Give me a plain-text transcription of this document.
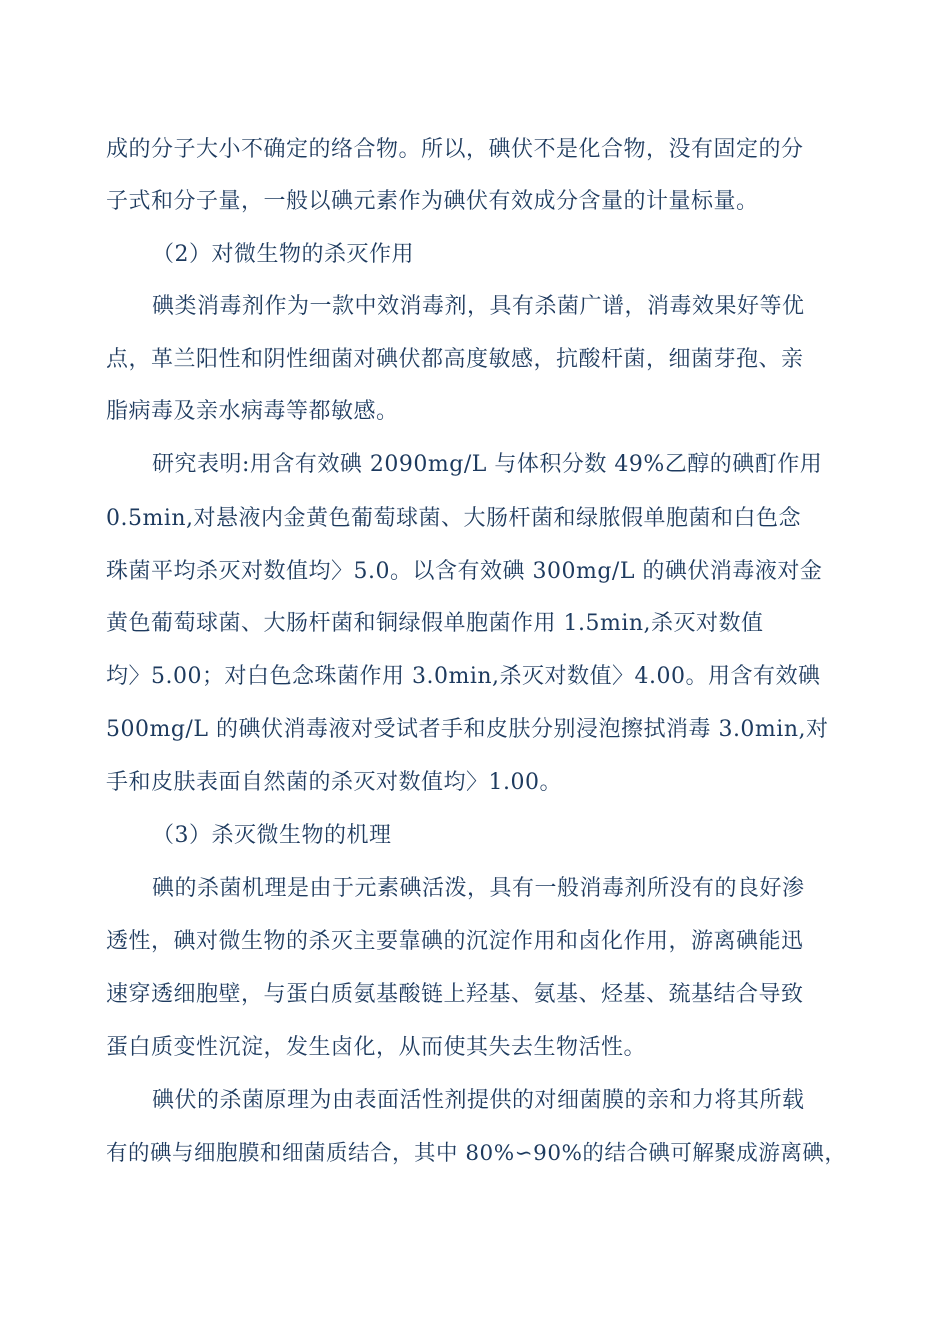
成的分子大小不确定的络合物。所以，碘伏不是化合物，没有固定的分
子式和分子量，一般以碘元素作为碘伏有效成分含量的计量标量。
（2）对微生物的杀灭作用
碘类消毒剂作为一款中效消毒剂，具有杀菌广谱，消毒效果好等优
点，革兰阳性和阴性细菌对碘伏都高度敏感，抗酸杆菌，细菌芽孢、亲
脂病毒及亲水病毒等都敏感。
研究表明:用含有效碘 2090mg/L 与体积分数 49%乙醇的碘酊作用
0.5min,对悬液内金黄色葡萄球菌、大肠杆菌和绿脓假单胞菌和白色念
珠菌平均杀灭对数值均〉5.0。以含有效碘 300mg/L 的碘伏消毒液对金
黄色葡萄球菌、大肠杆菌和铜绿假单胞菌作用 1.5min,杀灭对数值
均〉5.00；对白色念珠菌作用 3.0min,杀灭对数值〉4.00。用含有效碘
500mg/L 的碘伏消毒液对受试者手和皮肤分别浸泡擦拭消毒 3.0min,对
手和皮肤表面自然菌的杀灭对数值均〉1.00。
（3）杀灭微生物的机理
碘的杀菌机理是由于元素碘活泼，具有一般消毒剂所没有的良好渗
透性，碘对微生物的杀灭主要靠碘的沉淀作用和卤化作用，游离碘能迅
速穿透细胞壁，与蛋白质氨基酸链上羟基、氨基、烃基、巯基结合导致
蛋白质变性沉淀，发生卤化，从而使其失去生物活性。
碘伏的杀菌原理为由表面活性剂提供的对细菌膜的亲和力将其所载
有的碘与细胞膜和细菌质结合，其中 80%∽90%的结合碘可解聚成游离碘，
